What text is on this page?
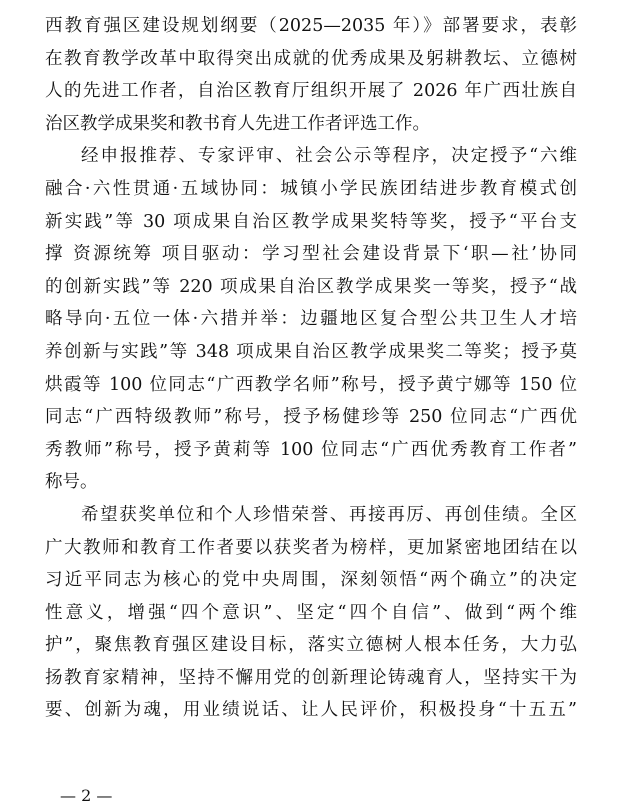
西教育强区建设规划纲要（2025—2035 年）》部署要求，表彰
在教育教学改革中取得突出成就的优秀成果及躬耕教坛、立德树
人的先进工作者，自治区教育厅组织开展了 2026 年广西壮族自
治区教学成果奖和教书育人先进工作者评选工作。
经申报推荐、专家评审、社会公示等程序，决定授予“六维
融合·六性贯通·五域协同：城镇小学民族团结进步教育模式创
新实践”等 30 项成果自治区教学成果奖特等奖，授予“平台支
撑 资源统筹 项目驱动：学习型社会建设背景下‘职—社’协同
的创新实践”等 220 项成果自治区教学成果奖一等奖，授予“战
略导向·五位一体·六措并举：边疆地区复合型公共卫生人才培
养创新与实践”等 348 项成果自治区教学成果奖二等奖；授予莫
烘霞等 100 位同志“广西教学名师”称号，授予黄宁娜等 150 位
同志“广西特级教师”称号，授予杨健珍等 250 位同志“广西优
秀教师”称号，授予黄莉等 100 位同志“广西优秀教育工作者”
称号。
希望获奖单位和个人珍惜荣誉、再接再厉、再创佳绩。全区
广大教师和教育工作者要以获奖者为榜样，更加紧密地团结在以
习近平同志为核心的党中央周围，深刻领悟“两个确立”的决定
性意义，增强“四个意识”、坚定“四个自信”、做到“两个维
护”，聚焦教育强区建设目标，落实立德树人根本任务，大力弘
扬教育家精神，坚持不懈用党的创新理论铸魂育人，坚持实干为
要、创新为魂，用业绩说话、让人民评价，积极投身“十五五”
— 2 —
